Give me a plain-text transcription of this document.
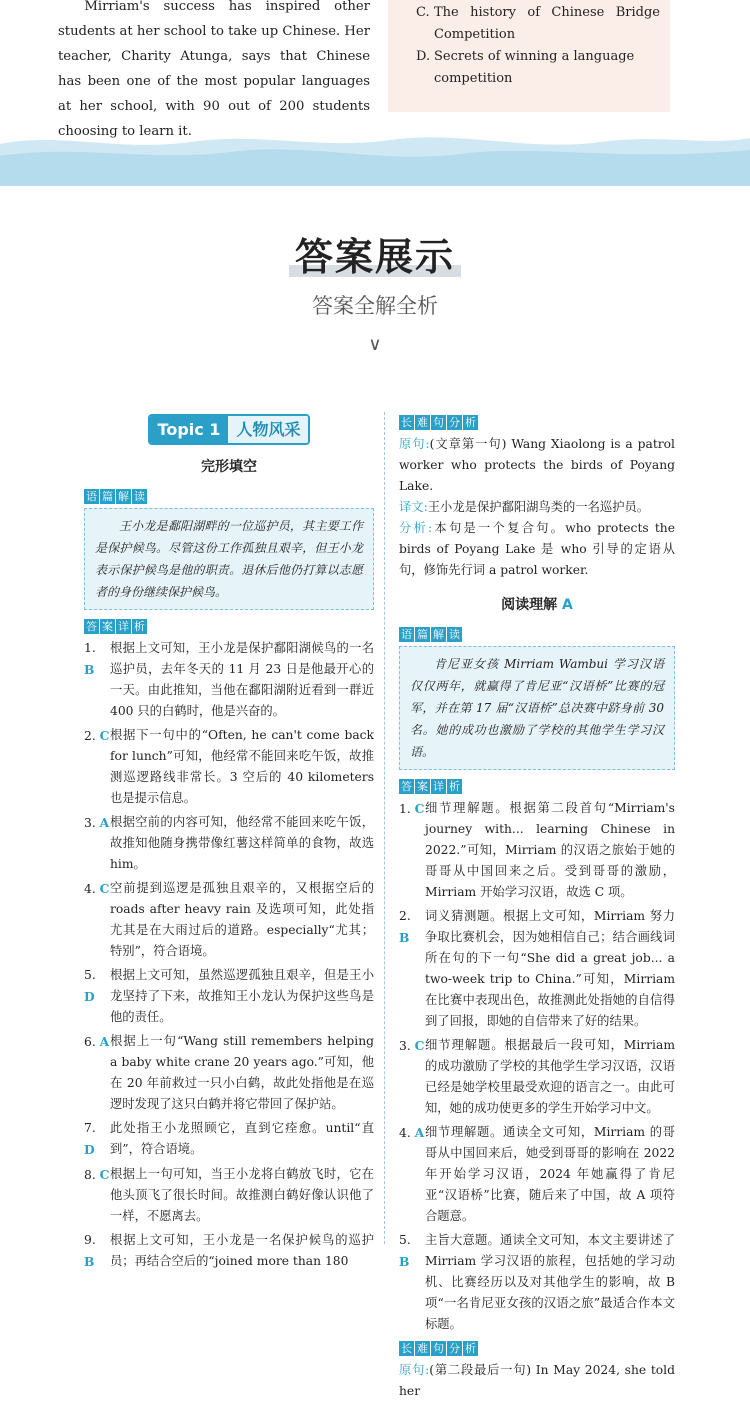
Mirriam's success has inspired other students at her school to take up Chinese. Her teacher, Charity Atunga, says that Chinese has been one of the most popular languages at her school, with 90 out of 200 students choosing to learn it.

C. The history of Chinese Bridge Competition
D. Secrets of winning a language competition
答案展示
答案全解全析
∨
Topic 1	人物风采
完形填空
语 篇 解 读

王小龙是鄱阳湖畔的一位巡护员，其主要工作是保护候鸟。尽管这份工作孤独且艰辛，但王小龙表示保护候鸟是他的职责。退休后他仍打算以志愿者的身份继续保护候鸟。

答 案 详 析
1. B
根据上文可知，王小龙是保护鄱阳湖候鸟的一名巡护员，去年冬天的 11 月 23 日是他最开心的一天。由此推知，当他在鄱阳湖附近看到一群近 400 只的白鹤时，他是兴奋的。
2. C 根据下一句中的“Often, he can't come back for lunch”可知，他经常不能回来吃午饭，故推测巡逻路线非常长。3 空后的 40 kilometers 也是提示信息。
3. A 根据空前的内容可知，他经常不能回来吃午饭，故推知他随身携带像红薯这样简单的食物，故选 him。
4. C 空前提到巡逻是孤独且艰辛的，又根据空后的 roads after heavy rain 及选项可知，此处指尤其是在大雨过后的道路。especially“尤其；特别”，符合语境。
5. D
根据上文可知，虽然巡逻孤独且艰辛，但是王小龙坚持了下来，故推知王小龙认为保护这些鸟是他的责任。
6. A 根据上一句“Wang still remembers helping a baby white crane 20 years ago.”可知，他在 20 年前救过一只小白鹤，故此处指他是在巡逻时发现了这只白鹤并将它带回了保护站。
7. D
此处指王小龙照顾它，直到它痊愈。until“直到”，符合语境。
8. C 根据上一句可知，当王小龙将白鹤放飞时，它在他头顶飞了很长时间。故推测白鹤好像认识他了一样，不愿离去。
9. B
根据上文可知，王小龙是一名保护候鸟的巡护员；再结合空后的“joined more than 180
长 难 句 分 析

原句:(文章第一句) Wang Xiaolong is a patrol worker who protects the birds of Poyang Lake.

译文:王小龙是保护鄱阳湖鸟类的一名巡护员。

分析:本句是一个复合句。who protects the birds of Poyang Lake 是 who 引导的定语从句，修饰先行词 a patrol worker.

阅读理解 A
语 篇 解 读

肯尼亚女孩 Mirriam Wambui 学习汉语仅仅两年，就赢得了肯尼亚“汉语桥”比赛的冠军，并在第 17 届“汉语桥”总决赛中跻身前 30 名。她的成功也激励了学校的其他学生学习汉语。

答 案 详 析
1. C 细节理解题。根据第二段首句“Mirriam's journey with... learning Chinese in 2022.”可知，Mirriam 的汉语之旅始于她的哥哥从中国回来之后。受到哥哥的激励，Mirriam 开始学习汉语，故选 C 项。
2. B
词义猜测题。根据上文可知，Mirriam 努力争取比赛机会，因为她相信自己；结合画线词所在句的下一句“She did a great job... a two-week trip to China.”可知，Mirriam 在比赛中表现出色，故推测此处指她的自信得到了回报，即她的自信带来了好的结果。
3. C 细节理解题。根据最后一段可知，Mirriam 的成功激励了学校的其他学生学习汉语，汉语已经是她学校里最受欢迎的语言之一。由此可知，她的成功使更多的学生开始学习中文。
4. A 细节理解题。通读全文可知，Mirriam 的哥哥从中国回来后，她受到哥哥的影响在 2022 年开始学习汉语，2024 年她赢得了肯尼亚“汉语桥”比赛，随后来了中国，故 A 项符合题意。
5. B
主旨大意题。通读全文可知，本文主要讲述了 Mirriam 学习汉语的旅程，包括她的学习动机、比赛经历以及对其他学生的影响，故 B 项“一名肯尼亚女孩的汉语之旅”最适合作本文标题。
长 难 句 分 析

原句:(第二段最后一句) In May 2024, she told her
